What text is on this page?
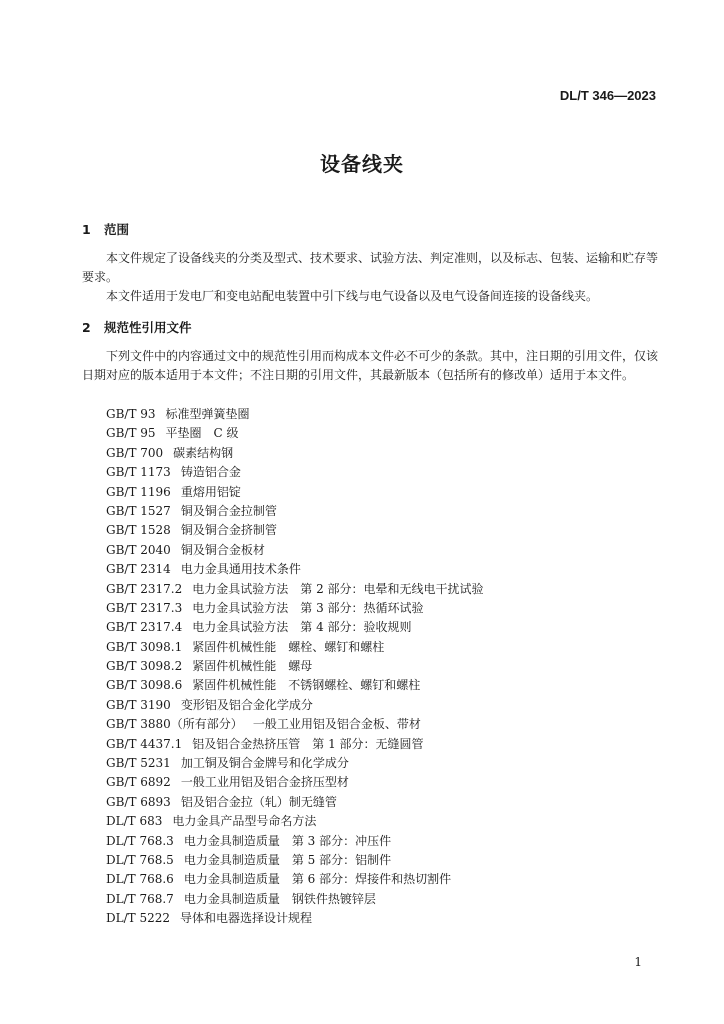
DL/T 346—2023
设备线夹
1 范围

本文件规定了设备线夹的分类及型式、技术要求、试验方法、判定准则，以及标志、包装、运输和贮存等要求。

本文件适用于发电厂和变电站配电装置中引下线与电气设备以及电气设备间连接的设备线夹。

2 规范性引用文件

下列文件中的内容通过文中的规范性引用而构成本文件必不可少的条款。其中，注日期的引用文件，仅该日期对应的版本适用于本文件；不注日期的引用文件，其最新版本（包括所有的修改单）适用于本文件。

GB/T 93 标准型弹簧垫圈
GB/T 95 平垫圈　C 级
GB/T 700 碳素结构钢
GB/T 1173 铸造铝合金
GB/T 1196 重熔用铝锭
GB/T 1527 铜及铜合金拉制管
GB/T 1528 铜及铜合金挤制管
GB/T 2040 铜及铜合金板材
GB/T 2314 电力金具通用技术条件
GB/T 2317.2 电力金具试验方法　第 2 部分：电晕和无线电干扰试验
GB/T 2317.3 电力金具试验方法　第 3 部分：热循环试验
GB/T 2317.4 电力金具试验方法　第 4 部分：验收规则
GB/T 3098.1 紧固件机械性能　螺栓、螺钉和螺柱
GB/T 3098.2 紧固件机械性能　螺母
GB/T 3098.6 紧固件机械性能　不锈钢螺栓、螺钉和螺柱
GB/T 3190 变形铝及铝合金化学成分
GB/T 3880（所有部分） 一般工业用铝及铝合金板、带材
GB/T 4437.1 铝及铝合金热挤压管　第 1 部分：无缝圆管
GB/T 5231 加工铜及铜合金牌号和化学成分
GB/T 6892 一般工业用铝及铝合金挤压型材
GB/T 6893 铝及铝合金拉（轧）制无缝管
DL/T 683 电力金具产品型号命名方法
DL/T 768.3 电力金具制造质量　第 3 部分：冲压件
DL/T 768.5 电力金具制造质量　第 5 部分：铝制件
DL/T 768.6 电力金具制造质量　第 6 部分：焊接件和热切割件
DL/T 768.7 电力金具制造质量　钢铁件热镀锌层
DL/T 5222 导体和电器选择设计规程
1
